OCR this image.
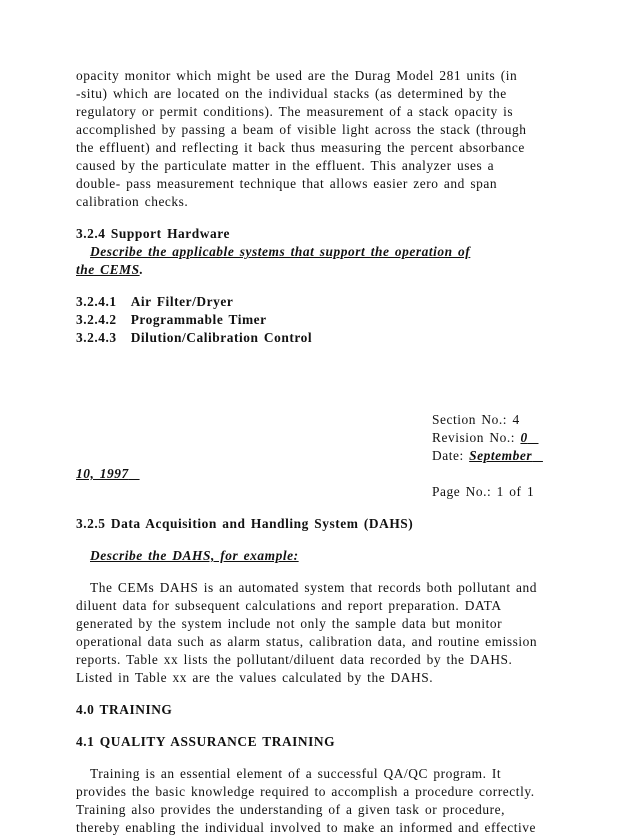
opacity monitor which might be used are the Durag Model 281 units (in
-situ) which are located on the individual stacks (as determined by the
regulatory or permit conditions). The measurement of a stack opacity is
accomplished by passing a beam of visible light across the stack (through
the effluent) and reflecting it back thus measuring the percent absorbance
caused by the particulate matter in the effluent. This analyzer uses a
double- pass measurement technique that allows easier zero and span
calibration checks.
3.2.4 Support Hardware
Describe the applicable systems that support the operation of
the CEMS.
3.2.4.1 Air Filter/Dryer
3.2.4.2 Programmable Timer
3.2.4.3 Dilution/Calibration Control
Section No.: 4
Revision No.: 0
Date: September
10, 1997
Page No.: 1 of 1
3.2.5 Data Acquisition and Handling System (DAHS)
Describe the DAHS, for example:
The CEMs DAHS is an automated system that records both pollutant and
diluent data for subsequent calculations and report preparation. DATA
generated by the system include not only the sample data but monitor
operational data such as alarm status, calibration data, and routine emission
reports. Table xx lists the pollutant/diluent data recorded by the DAHS.
Listed in Table xx are the values calculated by the DAHS.
4.0 TRAINING
4.1 QUALITY ASSURANCE TRAINING
Training is an essential element of a successful QA/QC program. It
provides the basic knowledge required to accomplish a procedure correctly.
Training also provides the understanding of a given task or procedure,
thereby enabling the individual involved to make an informed and effective
